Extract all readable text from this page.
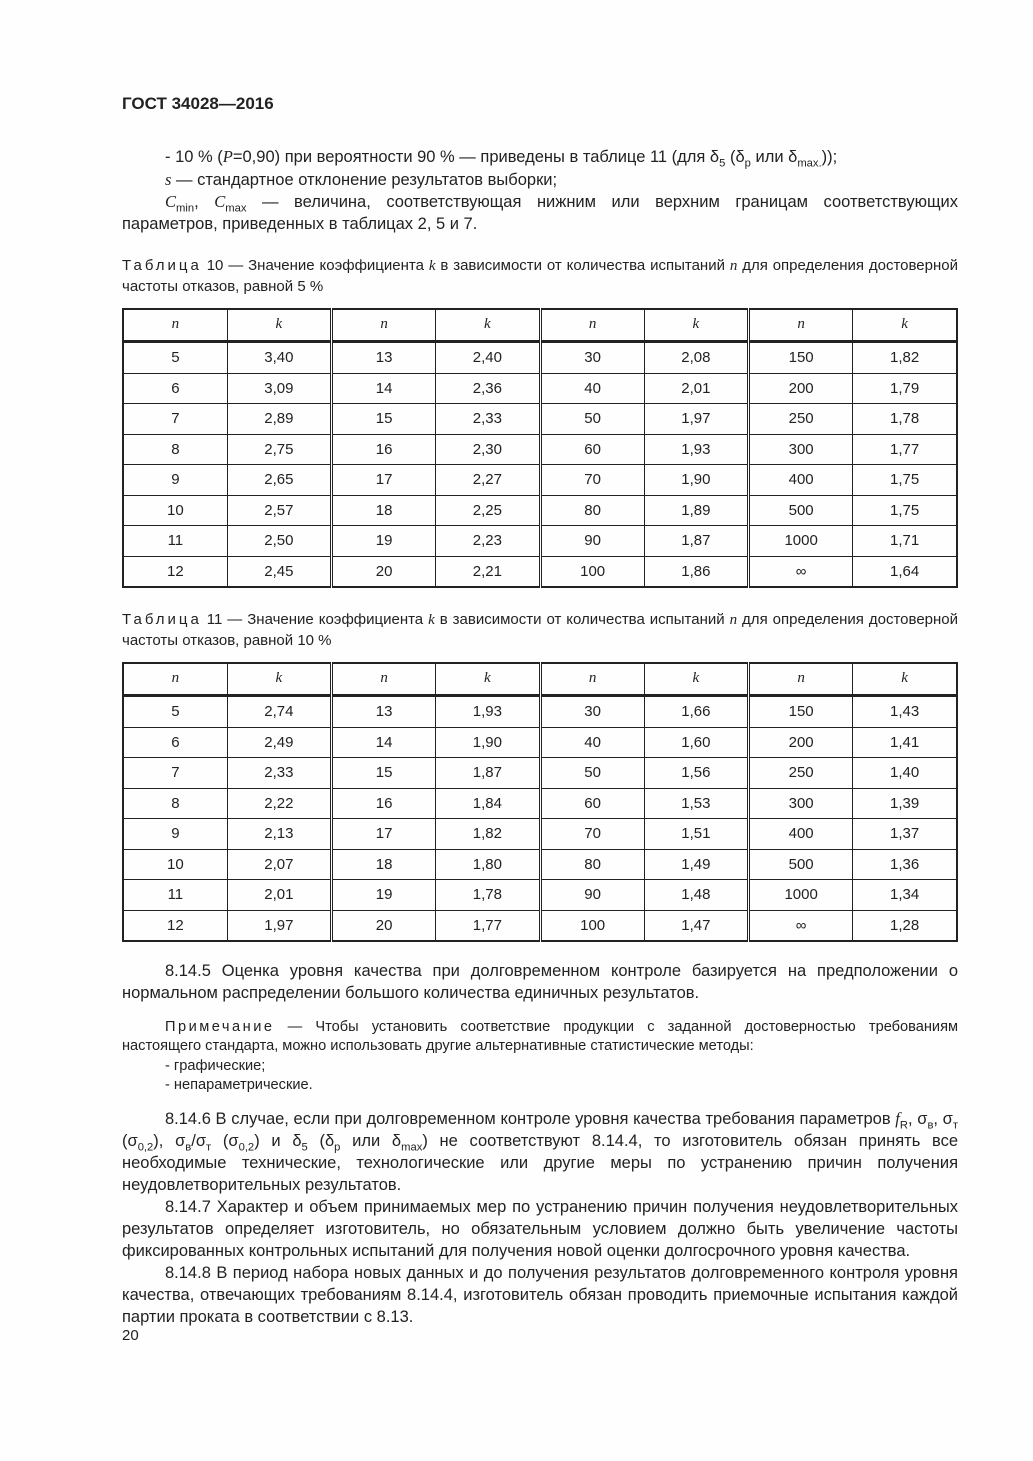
ГОСТ 34028—2016

- 10 % (P=0,90) при вероятности 90 % — приведены в таблице 11 (для $\delta_5$ ($\delta_р$ или $\delta_{max.}$));

s — стандартное отклонение результатов выборки;

$C_{min}$, $C_{max}$ — величина, соответствующая нижним или верхним границам соответствующих параметров, приведенных в таблицах 2, 5 и 7.

Таблица 10 — Значение коэффициента k в зависимости от количества испытаний n для определения достоверной частоты отказов, равной 5 %

n	k	n	k	n	k	n	k
5	3,40	13	2,40	30	2,08	150	1,82
6	3,09	14	2,36	40	2,01	200	1,79
7	2,89	15	2,33	50	1,97	250	1,78
8	2,75	16	2,30	60	1,93	300	1,77
9	2,65	17	2,27	70	1,90	400	1,75
10	2,57	18	2,25	80	1,89	500	1,75
11	2,50	19	2,23	90	1,87	1000	1,71
12	2,45	20	2,21	100	1,86	∞	1,64

Таблица 11 — Значение коэффициента k в зависимости от количества испытаний n для определения достоверной частоты отказов, равной 10 %

n	k	n	k	n	k	n	k
5	2,74	13	1,93	30	1,66	150	1,43
6	2,49	14	1,90	40	1,60	200	1,41
7	2,33	15	1,87	50	1,56	250	1,40
8	2,22	16	1,84	60	1,53	300	1,39
9	2,13	17	1,82	70	1,51	400	1,37
10	2,07	18	1,80	80	1,49	500	1,36
11	2,01	19	1,78	90	1,48	1000	1,34
12	1,97	20	1,77	100	1,47	∞	1,28

8.14.5 Оценка уровня качества при долговременном контроле базируется на предположении о нормальном распределении большого количества единичных результатов.

Примечание — Чтобы установить соответствие продукции с заданной достоверностью требованиям настоящего стандарта, можно использовать другие альтернативные статистические методы:

- графические;

- непараметрические.

8.14.6 В случае, если при долговременном контроле уровня качества требования параметров $f_R$, $\sigma_в$, $\sigma_т$ $(\sigma_{0,2})$, $\sigma_в/\sigma_т$ $(\sigma_{0,2})$ и $\delta_5$ ($\delta_р$ или $\delta_{max}$) не соответствуют 8.14.4, то изготовитель обязан принять все необходимые технические, технологические или другие меры по устранению причин получения неудовлетворительных результатов.

8.14.7 Характер и объем принимаемых мер по устранению причин получения неудовлетворительных результатов определяет изготовитель, но обязательным условием должно быть увеличение частоты фиксированных контрольных испытаний для получения новой оценки долгосрочного уровня качества.

8.14.8 В период набора новых данных и до получения результатов долговременного контроля уровня качества, отвечающих требованиям 8.14.4, изготовитель обязан проводить приемочные испытания каждой партии проката в соответствии с 8.13.

20
